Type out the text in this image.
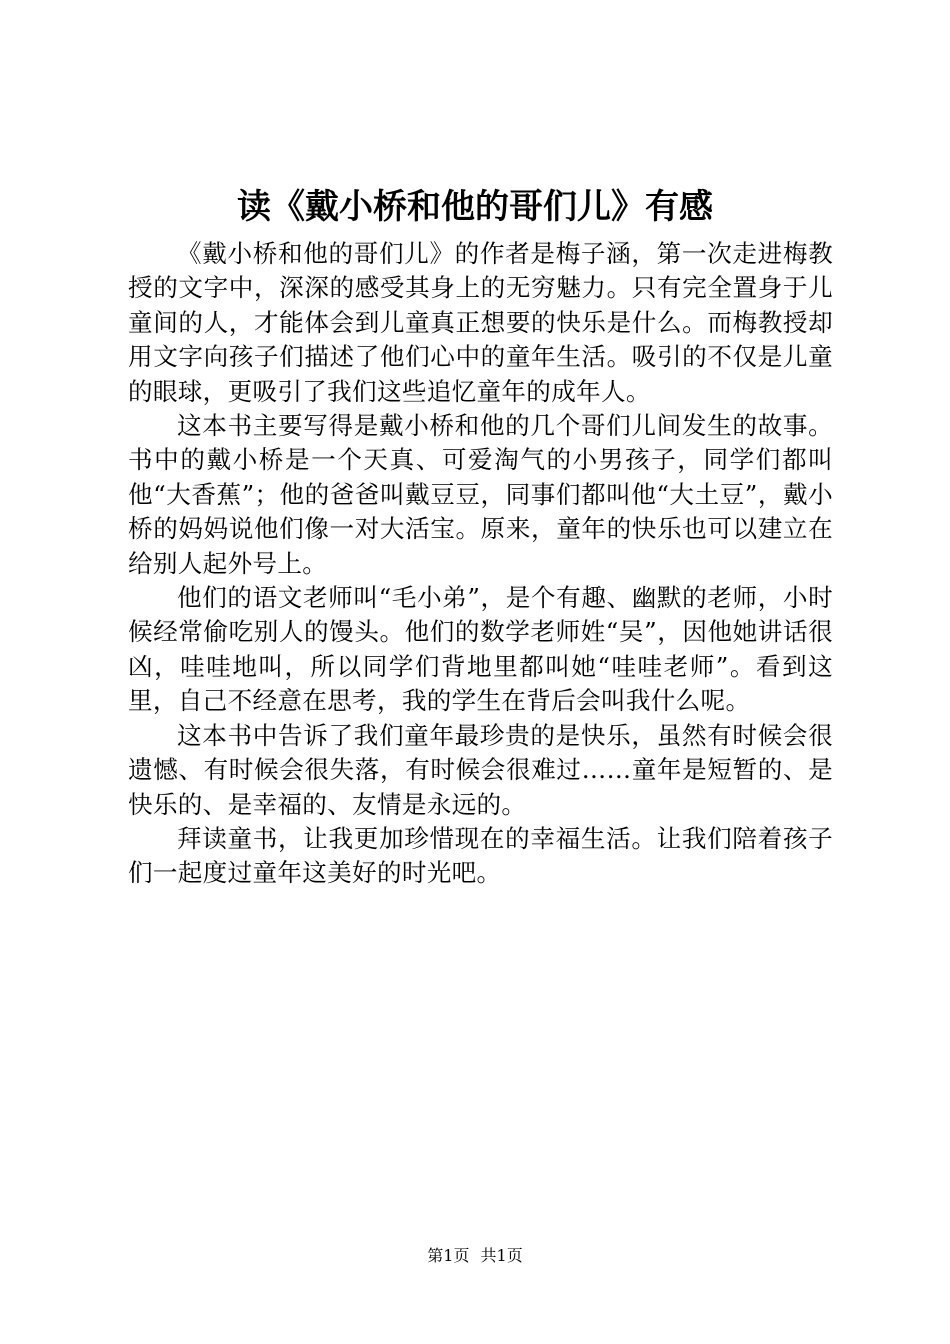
读《戴小桥和他的哥们儿》有感

《戴小桥和他的哥们儿》的作者是梅子涵，第一次走进梅教授的文字中，深深的感受其身上的无穷魅力。只有完全置身于儿童间的人，才能体会到儿童真正想要的快乐是什么。而梅教授却用文字向孩子们描述了他们心中的童年生活。吸引的不仅是儿童的眼球，更吸引了我们这些追忆童年的成年人。

这本书主要写得是戴小桥和他的几个哥们儿间发生的故事。书中的戴小桥是一个天真、可爱淘气的小男孩子，同学们都叫他“大香蕉”；他的爸爸叫戴豆豆，同事们都叫他“大土豆”，戴小桥的妈妈说他们像一对大活宝。原来，童年的快乐也可以建立在给别人起外号上。

他们的语文老师叫“毛小弟”，是个有趣、幽默的老师，小时候经常偷吃别人的馒头。他们的数学老师姓“吴”，因他她讲话很凶，哇哇地叫，所以同学们背地里都叫她“哇哇老师”。看到这里，自己不经意在思考，我的学生在背后会叫我什么呢。

这本书中告诉了我们童年最珍贵的是快乐，虽然有时候会很遗憾、有时候会很失落，有时候会很难过……童年是短暂的、是快乐的、是幸福的、友情是永远的。

拜读童书，让我更加珍惜现在的幸福生活。让我们陪着孩子们一起度过童年这美好的时光吧。

第1页 共1页
